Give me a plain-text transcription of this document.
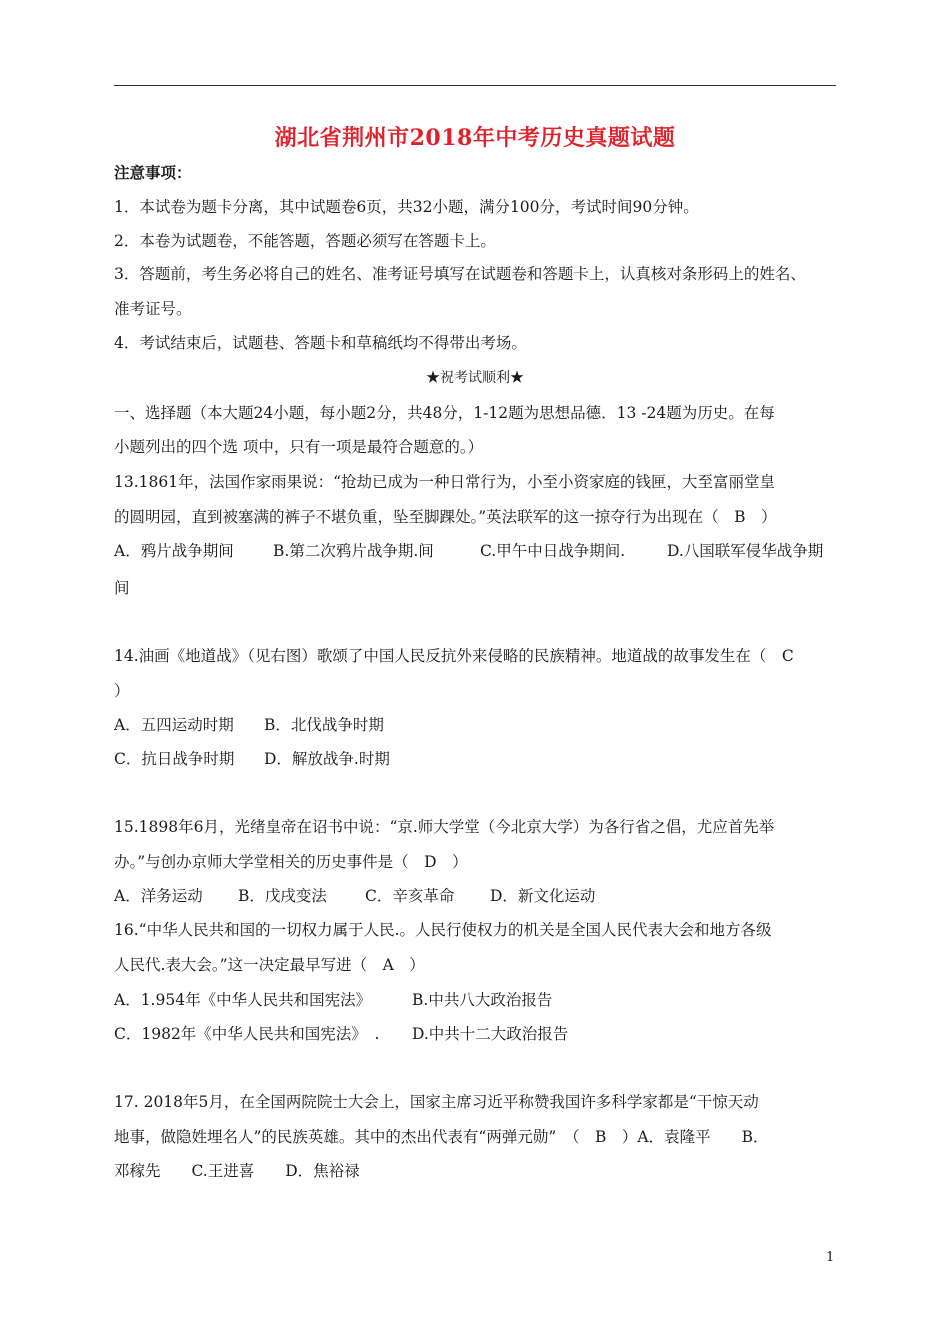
湖北省荆州市2018年中考历史真题试题
注意事项：
1．本试卷为题卡分离，其中试题卷6页，共32小题，满分100分，考试时间90分钟。
2．本卷为试题卷，不能答题，答题必须写在答题卡上。
3．答题前，考生务必将自己的姓名、准考证号填写在试题卷和答题卡上，认真核对条形码上的姓名、
准考证号。
4．考试结束后，试题巷、答题卡和草稿纸均不得带出考场。
★祝考试顺利★
一、选择题（本大题24小题，每小题2分，共48分，1-12题为思想品德．13 -24题为历史。在每
小题列出的四个选 项中，只有一项是最符合题意的。）
13.1861年，法国作家雨果说：“抢劫已成为一种日常行为，小至小资家庭的钱匣，大至富丽堂皇
的圆明园，直到被塞满的裤子不堪负重，坠至脚踝处。”英法联军的这一掠夺行为出现在（　B　）
A．鸦片战争期间	B.第二次鸦片战争期.间	C.甲午中日战争期间.	D.八国联军侵华战争期
间
14.油画《地道战》（见右图）歌颂了中国人民反抗外来侵略的民族精神。地道战的故事发生在（　C
）
A．五四运动时期 B．北伐战争时期
C．抗日战争时期 D．解放战争.时期
15.1898年6月，光绪皇帝在诏书中说：“京.师大学堂（今北京大学）为各行省之倡，尤应首先举
办。”与创办京师大学堂相关的历史事件是（　D　）
A．洋务运动 B．戊戌变法 C．辛亥革命 D．新文化运动
16.“中华人民共和国的一切权力属于人民.。人民行使权力的机关是全国人民代表大会和地方各级
人民代.表大会。”这一决定最早写进（　A　）
A．1.954年《中华人民共和国宪法》	B.中共八大政治报告
C．1982年《中华人民共和国宪法》　. D.中共十二大政治报告
17. 2018年5月，在全国两院院士大会上，国家主席习近平称赞我国许多科学家都是“干惊天动
地事，做隐姓埋名人”的民族英雄。其中的杰出代表有“两弹元勋”　（　B　）A．袁隆平　　B．
邓稼先　　C.王进喜　　D．焦裕禄
1
